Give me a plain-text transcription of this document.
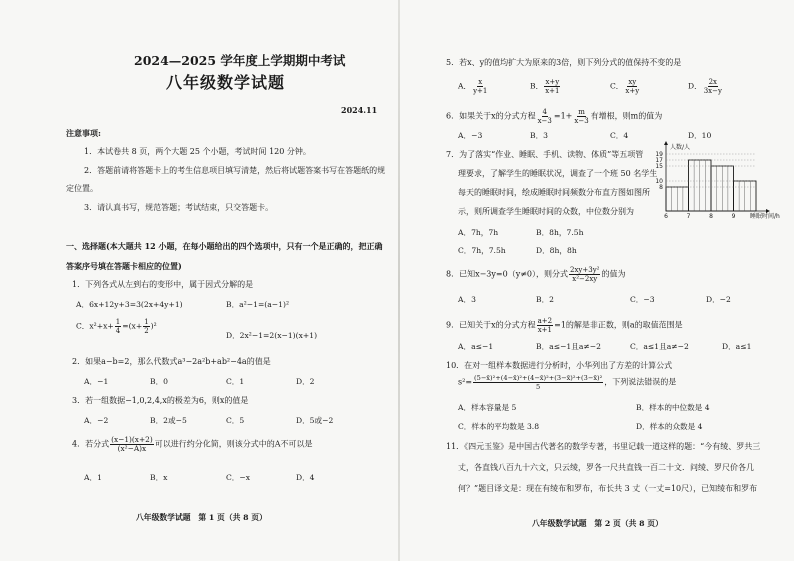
2024—2025 学年度上学期期中考试
八年级数学试题
2024.11
注意事项:
1．本试卷共 8 页，两个大题 25 个小题，考试时间 120 分钟。
2．答题前请将答题卡上的考生信息项目填写清楚，然后将试题答案书写在答题纸的规
定位置。
3．请认真书写，规范答题；考试结束，只交答题卡。
一、选择题(本大题共 12 小题，在每小题给出的四个选项中，只有一个是正确的，把正确
答案序号填在答题卡相应的位置)
1．下列各式从左到右的变形中，属于因式分解的是
A．6x+12y+3=3(2x+4y+1)	B．a²−1=(a−1)²
C．$x^2+x+ \frac{1}{4} =(x+ \frac{1}{2} )^2$
D．2x²−1=2(x−1)(x+1)
2．如果a−b=2，那么代数式a³−2a²b+ab²−4a的值是
A．−1	B．0	C．1	D．2
3．若一组数据−1,0,2,4,x的极差为6，则x的值是
A．−2	B．2或−5	C．5	D．5或−2
4．若分式 $\frac{(x-1)(x+2)}{\text{(x²−A)x}}$ 可以进行约分化简，则该分式中的A不可以是
A．1	B．x	C．−x	D．4
八年级数学试题　第 1 页（共 8 页）
5．若x、y的值均扩大为原来的3倍，则下列分式的值保持不变的是
A． $\frac{x}{y+1}$	B． $\frac{x+y}{x+1}$	C． $\frac{xy}{x+y}$	D． $\frac{2x}{3x-y}$
6．如果关于x的分式方程 $\frac{4}{x-3} =1+ \frac{m}{x-3}$ 有增根，则m的值为
A．−3	B．3	C．4	D．10
7．为了落实“作业、睡眠、手机、读物、体质”等五项管
理要求，了解学生的睡眠状况，调查了一个班 50 名学生
每天的睡眠时间，绘成睡眠时间频数分布直方图如图所
示，则所调查学生睡眠时间的众数，中位数分别为
A．7h，7h	B．8h，7.5h
C．7h，7.5h	D．8h，8h
19
17
15
10
8
6	7	8	9
人数/人
睡眠时间/h
8．已知x−3y=0（y≠0），则分式 $\frac{\text{2xy+3y²}}{\text{x²−2xy}}$ 的值为
A．3	B．2	C．−3	D．−2
9．已知关于x的分式方程 $\frac{a+2}{x+1} =1$的解是非正数，则a的取值范围是
A．a≤−1	B．a≤−1且a≠−2	C．a≤1且a≠−2	D．a≤1
10．在对一组样本数据进行分析时，小华列出了方差的计算公式
$s^2= \frac{\text{(5−x̄)²+(4−x̄)²+(4−x̄)²+(3−x̄)²+(3−x̄)²}}{5}$ ，下列说法错误的是
A．样本容量是 5	B．样本的中位数是 4
C．样本的平均数是 3.8	D．样本的众数是 4
11．《四元玉鉴》是中国古代著名的数学专著，书里记载一道这样的题：“今有绫、罗共三
丈，各直钱八百九十六文，只云绫，罗各一尺共直钱一百二十文．问绫、罗尺价各几
何？”题目译文是：现在有绫布和罗布，布长共 3 丈（一丈=10尺），已知绫布和罗布
八年级数学试题　第 2 页（共 8 页）
